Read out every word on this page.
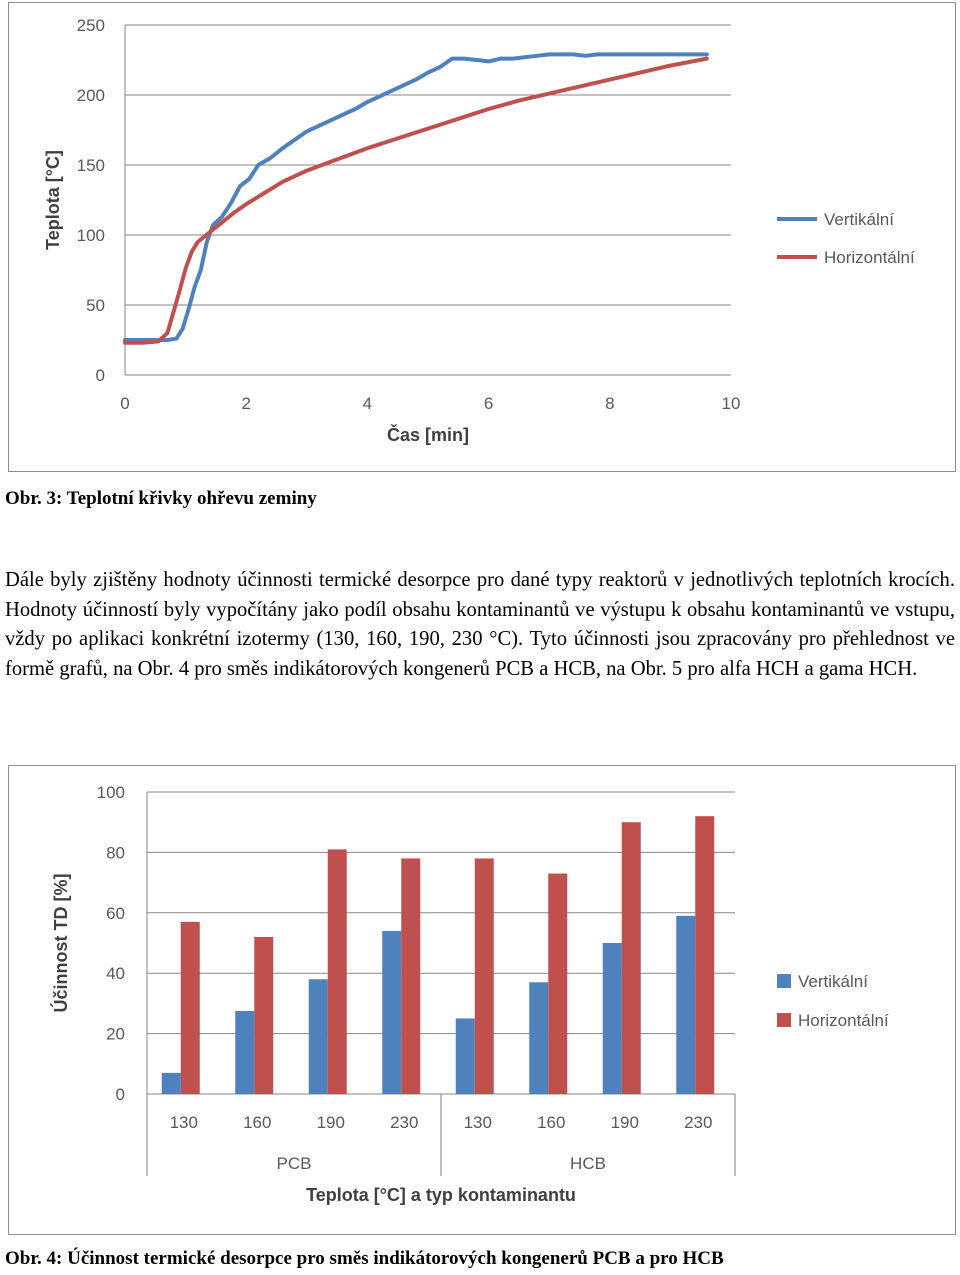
0
50
100
150
200
250
0	2	4	6	8	10
Čas [min]
Teplota [°C]	Vertikální
Horizontální
Obr. 3: Teplotní křivky ohřevu zeminy
Dále byly zjištěny hodnoty účinnosti termické desorpce pro dané typy reaktorů v jednotlivých teplotních krocích. Hodnoty účinností byly vypočítány jako podíl obsahu kontaminantů ve výstupu k obsahu kontaminantů ve vstupu, vždy po aplikaci konkrétní izotermy (130, 160, 190, 230 °C). Tyto účinnosti jsou zpracovány pro přehlednost ve formě grafů, na Obr. 4 pro směs indikátorových kongenerů PCB a HCB, na Obr. 5 pro alfa HCH a gama HCH.
0
20
40
60
80
100
130	160	190	230	130	160	190	230
PCB	HCB
Teplota [°C] a typ kontaminantu
Účinnost TD [%]	Vertikální
Horizontální
Obr. 4: Účinnost termické desorpce pro směs indikátorových kongenerů PCB a pro HCB
